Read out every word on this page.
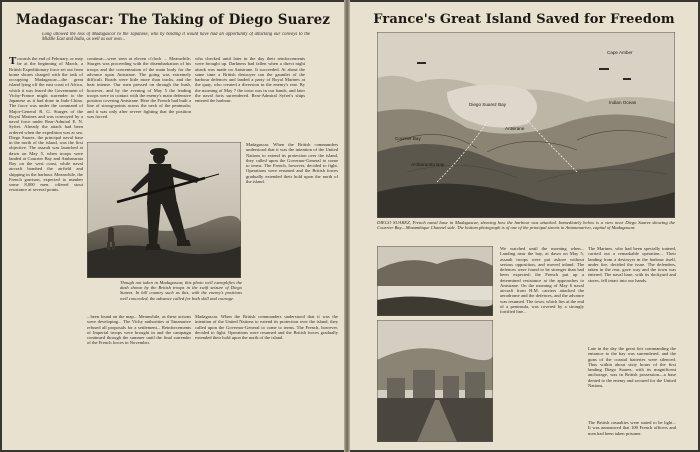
Madagascar: The Taking of Diego Suarez
Long allowed the loss of Madagascar to the Japanese, who by holding it would have had an opportunity of attacking our convoys to the Middle East and India, as well as our own...
Towards the end of February, or may be at the beginning of March, a British Expeditionary force set out from home shores charged with the task of occupying Madagascar—the great island lying off the east coast of Africa, which it was feared the Government of Vichy-France might surrender to the Japanese as it had done in Indo-China. The force was under the command of Major-General R. G. Sturges of the Royal Marines and was convoyed by a naval force under Rear-Admiral E. N. Syfret. Already the attack had been ordered when the expedition was at sea. Diego Suarez, the principal naval base in the north of the island, was the first objective. The assault was launched at dawn on May 5, when troops were landed at Courrier Bay and Ambararata Bay on the west coast, while naval aircraft bombed the airfield and shipping in the harbour. Meanwhile, the French garrison, expected to number some 8,000 men, offered stout resistance at several points.
continue—were seen at eleven o'clock ... Meanwhile, Sturges was proceeding with the disembarkation of his troops and the concentration of the main body for the advance upon Antsirane. The going was extremely difficult. Roads were little more than tracks, and the heat intense. Our men pressed on through the bush, however, and by the evening of May 5 the leading troops were in contact with the enemy's main defensive position covering Antsirane. Here the French had built a line of strong-points across the neck of the peninsula; and it was only after severe fighting that the position was forced.
who checked until later in the day their reinforcements were brought up. Darkness had fallen when a direct night attack was made on Antsirane. It succeeded. At about the same time a British destroyer ran the gauntlet of the harbour defences and landed a party of Royal Marines at the quay, who created a diversion in the enemy's rear. By the morning of May 7 the town was in our hands, and later the naval forts surrendered. Rear-Admiral Syfret's ships entered the harbour.
Though not taken in Madagascar, this photo well exemplifies the dash shown by the British troops in the swift seizure of Diego Suarez. In hill country such as this, with the enemy's positions well concealed, the advance called for both skill and courage.
Madagascar. When the British commanders understood that it was the intention of the United Nations to extend its protection over the island, they called upon the Governor-General to come to terms. The French, however, decided to fight. Operations were resumed and the British forces gradually extended their hold upon the north of the island.
...been found on the map... Meanwhile, as these actions were developing... The Vichy authorities at Tananarive refused all proposals for a settlement... Reinforcements of Imperial troops were brought in and the campaign continued through the summer until the final surrender of the French forces in November.
Madagascar. When the British commanders understood that it was the intention of the United Nations to extend its protection over the island, they called upon the Governor-General to come to terms. The French, however, decided to fight. Operations were resumed and the British forces gradually extended their hold upon the north of the island.
France's Great Island Saved for Freedom
Cape Amber
Diego Suarez Bay
Antsirane
Courrier Bay
Ambararata Bay
Indian Ocean
DIEGO SUAREZ, French naval base in Madagascar, showing how the harbour was attacked. Immediately below is a view near Diego Suarez showing the Courrier Bay—Mozambique Channel side. The bottom photograph is of one of the principal streets in Antananarivo, capital of Madagascar.
We watched until the morning when... Landing near the bay, at dawn on May 5, assault troops were put ashore without serious opposition, and moved inland. The defences were found to be stronger than had been expected; the French put up a determined resistance at the approaches to Antsirane. On the morning of May 6 naval aircraft from H.M. carriers attacked the aerodrome and the defences, and the advance was resumed. The town, which lies at the end of a peninsula, was covered by a strongly fortified line...
The Marines, who had been specially trained, carried out a remarkable operation... Their landing from a destroyer in the harbour itself, under fire, decided the issue. The defenders, taken in the rear, gave way and the town was entered. The naval base, with its dockyard and stores, fell intact into our hands.
Late in the day the great fort commanding the entrance to the bay was surrendered, and the guns of the coastal batteries were silenced. Thus within about sixty hours of the first landing Diego Suarez, with its magnificent anchorage, was in British possession—a base denied to the enemy and secured for the United Nations.
The British casualties were stated to be light... It was announced that 100 French officers and men had been taken prisoner.
